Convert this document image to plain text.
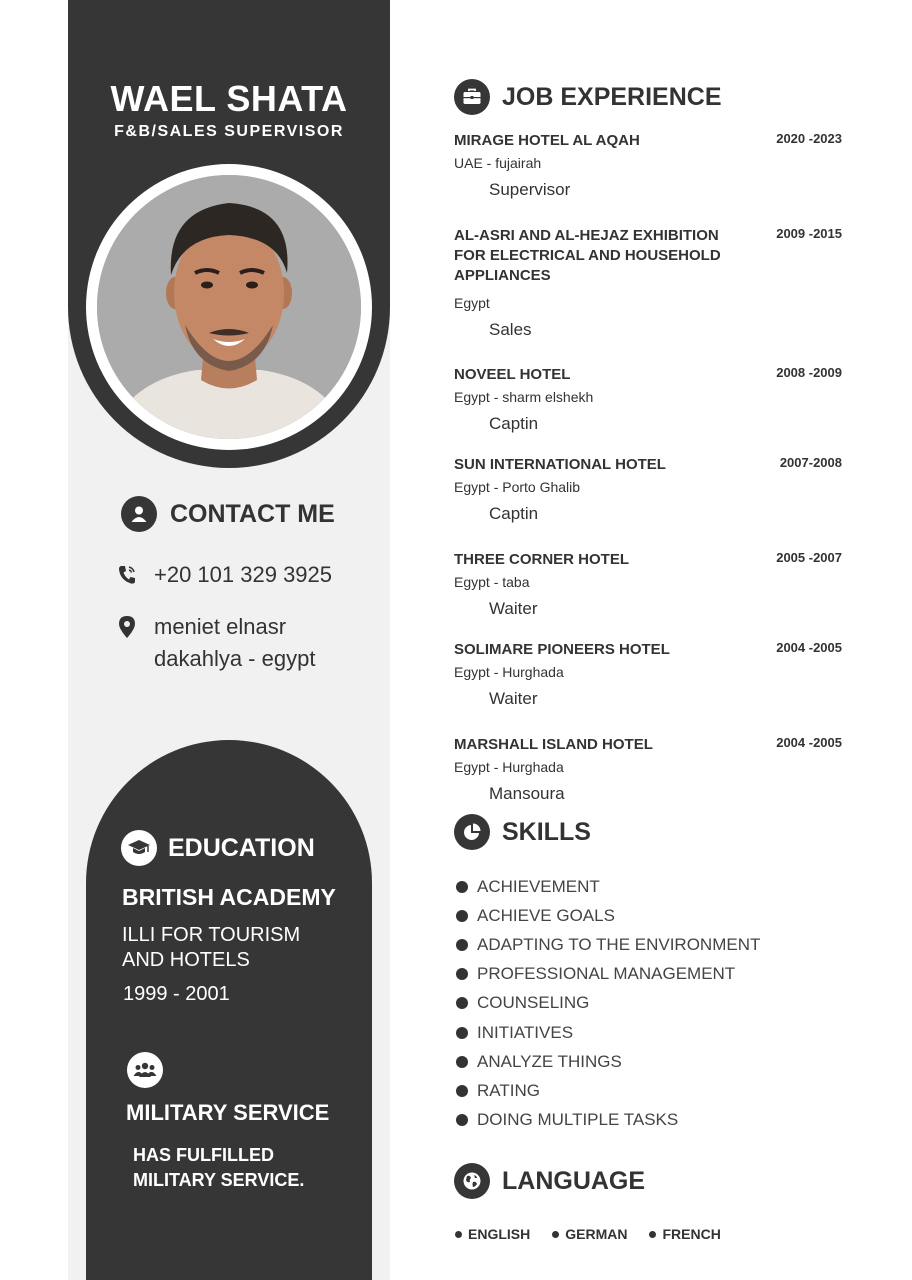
WAEL SHATA
F&B/SALES SUPERVISOR
CONTACT ME
+20 101 329 3925
meniet elnasr
dakahlya - egypt
EDUCATION
BRITISH ACADEMY
ILLI FOR TOURISM
AND HOTELS
1999 - 2001
MILITARY SERVICE
HAS FULFILLED
MILITARY SERVICE.
JOB EXPERIENCE
MIRAGE HOTEL AL AQAH	2020 -2023
UAE - fujairah
Supervisor
AL-ASRI AND AL-HEJAZ EXHIBITION FOR ELECTRICAL AND HOUSEHOLD APPLIANCES
2009 -2015
Egypt
Sales
NOVEEL HOTEL	2008 -2009
Egypt - sharm elshekh
Captin
SUN INTERNATIONAL HOTEL	2007-2008
Egypt - Porto Ghalib
Captin
THREE CORNER HOTEL	2005 -2007
Egypt - taba
Waiter
SOLIMARE PIONEERS HOTEL	2004 -2005
Egypt - Hurghada
Waiter
MARSHALL ISLAND HOTEL	2004 -2005
Egypt - Hurghada
Mansoura
SKILLS
ACHIEVEMENT
ACHIEVE GOALS
ADAPTING TO THE ENVIRONMENT
PROFESSIONAL MANAGEMENT
COUNSELING
INITIATIVES
ANALYZE THINGS
RATING
DOING MULTIPLE TASKS
LANGUAGE
ENGLISH	GERMAN	FRENCH
